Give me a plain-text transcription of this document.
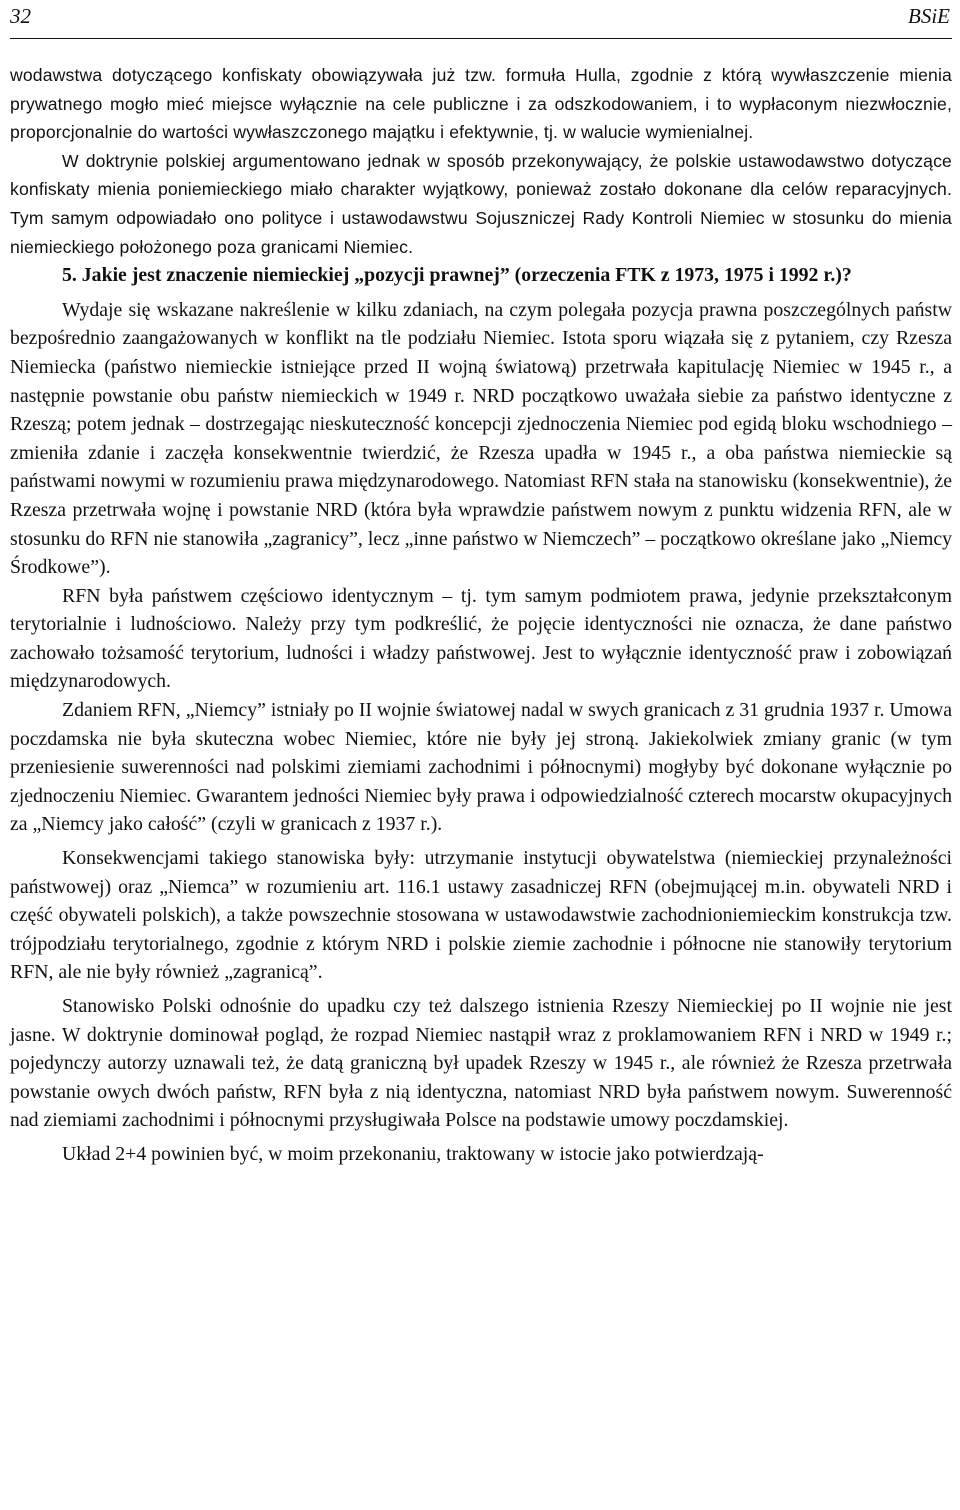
32	BSiE

wodawstwa dotyczącego konfiskaty obowiązywała już tzw. formuła Hulla, zgodnie z którą wywłaszczenie mienia prywatnego mogło mieć miejsce wyłącznie na cele publiczne i za odszkodowaniem, i to wypłaconym niezwłocznie, proporcjonalnie do wartości wywłaszczonego majątku i efektywnie, tj. w walucie wymienialnej.

W doktrynie polskiej argumentowano jednak w sposób przekonywający, że polskie ustawodawstwo dotyczące konfiskaty mienia poniemieckiego miało charakter wyjątkowy, ponieważ zostało dokonane dla celów reparacyjnych. Tym samym odpowiadało ono polityce i ustawodawstwu Sojuszniczej Rady Kontroli Niemiec w stosunku do mienia niemieckiego położonego poza granicami Niemiec.

5. Jakie jest znaczenie niemieckiej „pozycji prawnej” (orzeczenia FTK z 1973, 1975 i 1992 r.)?

Wydaje się wskazane nakreślenie w kilku zdaniach, na czym polegała pozycja prawna poszczególnych państw bezpośrednio zaangażowanych w konflikt na tle podziału Niemiec. Istota sporu wiązała się z pytaniem, czy Rzesza Niemiecka (państwo niemieckie istniejące przed II wojną światową) przetrwała kapitulację Niemiec w 1945 r., a następnie powstanie obu państw niemieckich w 1949 r. NRD początkowo uważała siebie za państwo identyczne z Rzeszą; potem jednak – dostrzegając nieskuteczność koncepcji zjednoczenia Niemiec pod egidą bloku wschodniego –zmieniła zdanie i zaczęła konsekwentnie twierdzić, że Rzesza upadła w 1945 r., a oba państwa niemieckie są państwami nowymi w rozumieniu prawa międzynarodowego. Natomiast RFN stała na stanowisku (konsekwentnie), że Rzesza przetrwała wojnę i powstanie NRD (która była wprawdzie państwem nowym z punktu widzenia RFN, ale w stosunku do RFN nie stanowiła „zagranicy”, lecz „inne państwo w Niemczech” – początkowo określane jako „Niemcy Środkowe”).

RFN była państwem częściowo identycznym – tj. tym samym podmiotem prawa, jedynie przekształconym terytorialnie i ludnościowo. Należy przy tym podkreślić, że pojęcie identyczności nie oznacza, że dane państwo zachowało tożsamość terytorium, ludności i władzy państwowej. Jest to wyłącznie identyczność praw i zobowiązań międzynarodowych.

Zdaniem RFN, „Niemcy” istniały po II wojnie światowej nadal w swych granicach z 31 grudnia 1937 r. Umowa poczdamska nie była skuteczna wobec Niemiec, które nie były jej stroną. Jakiekolwiek zmiany granic (w tym przeniesienie suwerenności nad polskimi ziemiami zachodnimi i północnymi) mogłyby być dokonane wyłącznie po zjednoczeniu Niemiec. Gwarantem jedności Niemiec były prawa i odpowiedzialność czterech mocarstw okupacyjnych za „Niemcy jako całość” (czyli w granicach z 1937 r.).

Konsekwencjami takiego stanowiska były: utrzymanie instytucji obywatelstwa (niemieckiej przynależności państwowej) oraz „Niemca” w rozumieniu art. 116.1 ustawy zasadniczej RFN (obejmującej m.in. obywateli NRD i część obywateli polskich), a także powszechnie stosowana w ustawodawstwie zachodnioniemieckim konstrukcja tzw. trójpodziału terytorialnego, zgodnie z którym NRD i polskie ziemie zachodnie i północne nie stanowiły terytorium RFN, ale nie były również „zagranicą”.

Stanowisko Polski odnośnie do upadku czy też dalszego istnienia Rzeszy Niemieckiej po II wojnie nie jest jasne. W doktrynie dominował pogląd, że rozpad Niemiec nastąpił wraz z proklamowaniem RFN i NRD w 1949 r.; pojedynczy autorzy uznawali też, że datą graniczną był upadek Rzeszy w 1945 r., ale również że Rzesza przetrwała powstanie owych dwóch państw, RFN była z nią identyczna, natomiast NRD była państwem nowym. Suwerenność nad ziemiami zachodnimi i północnymi przysługiwała Polsce na podstawie umowy poczdamskiej.

Układ 2+4 powinien być, w moim przekonaniu, traktowany w istocie jako potwierdzają-
